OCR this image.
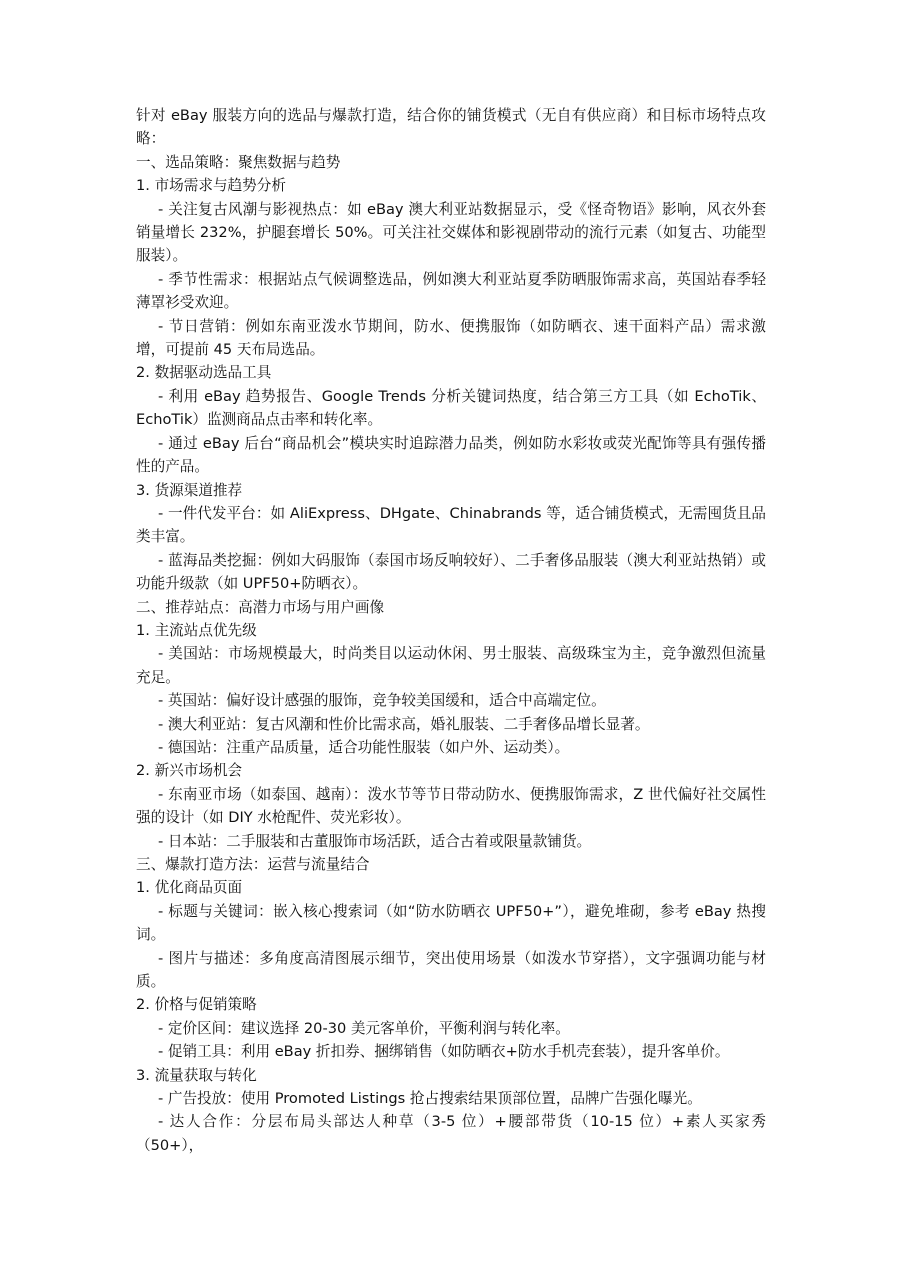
针对 eBay 服装方向的选品与爆款打造，结合你的铺货模式（无自有供应商）和目标市场特点攻略：

一、选品策略：聚焦数据与趋势

1. 市场需求与趋势分析

- 关注复古风潮与影视热点：如 eBay 澳大利亚站数据显示，受《怪奇物语》影响，风衣外套销量增长 232%，护腿套增长 50%。可关注社交媒体和影视剧带动的流行元素（如复古、功能型服装）。

- 季节性需求：根据站点气候调整选品，例如澳大利亚站夏季防晒服饰需求高，英国站春季轻薄罩衫受欢迎。

- 节日营销：例如东南亚泼水节期间，防水、便携服饰（如防晒衣、速干面料产品）需求激增，可提前 45 天布局选品。

2. 数据驱动选品工具

- 利用 eBay 趋势报告、Google Trends 分析关键词热度，结合第三方工具（如 EchoTik、EchoTik）监测商品点击率和转化率。

- 通过 eBay 后台“商品机会”模块实时追踪潜力品类，例如防水彩妆或荧光配饰等具有强传播性的产品。

3. 货源渠道推荐

- 一件代发平台：如 AliExpress、DHgate、Chinabrands 等，适合铺货模式，无需囤货且品类丰富。

- 蓝海品类挖掘：例如大码服饰（泰国市场反响较好）、二手奢侈品服装（澳大利亚站热销）或功能升级款（如 UPF50+防晒衣）。

二、推荐站点：高潜力市场与用户画像

1. 主流站点优先级

- 美国站：市场规模最大，时尚类目以运动休闲、男士服装、高级珠宝为主，竞争激烈但流量充足。

- 英国站：偏好设计感强的服饰，竞争较美国缓和，适合中高端定位。

- 澳大利亚站：复古风潮和性价比需求高，婚礼服装、二手奢侈品增长显著。

- 德国站：注重产品质量，适合功能性服装（如户外、运动类）。

2. 新兴市场机会

- 东南亚市场（如泰国、越南）：泼水节等节日带动防水、便携服饰需求，Z 世代偏好社交属性强的设计（如 DIY 水枪配件、荧光彩妆）。

- 日本站：二手服装和古董服饰市场活跃，适合古着或限量款铺货。

三、爆款打造方法：运营与流量结合

1. 优化商品页面

- 标题与关键词：嵌入核心搜索词（如“防水防晒衣 UPF50+”），避免堆砌，参考 eBay 热搜词。

- 图片与描述：多角度高清图展示细节，突出使用场景（如泼水节穿搭），文字强调功能与材质。

2. 价格与促销策略

- 定价区间：建议选择 20-30 美元客单价，平衡利润与转化率。

- 促销工具：利用 eBay 折扣券、捆绑销售（如防晒衣+防水手机壳套装），提升客单价。

3. 流量获取与转化

- 广告投放：使用 Promoted Listings 抢占搜索结果顶部位置，品牌广告强化曝光。

- 达人合作：分层布局头部达人种草（3-5 位）+腰部带货（10-15 位）+素人买家秀（50+），
